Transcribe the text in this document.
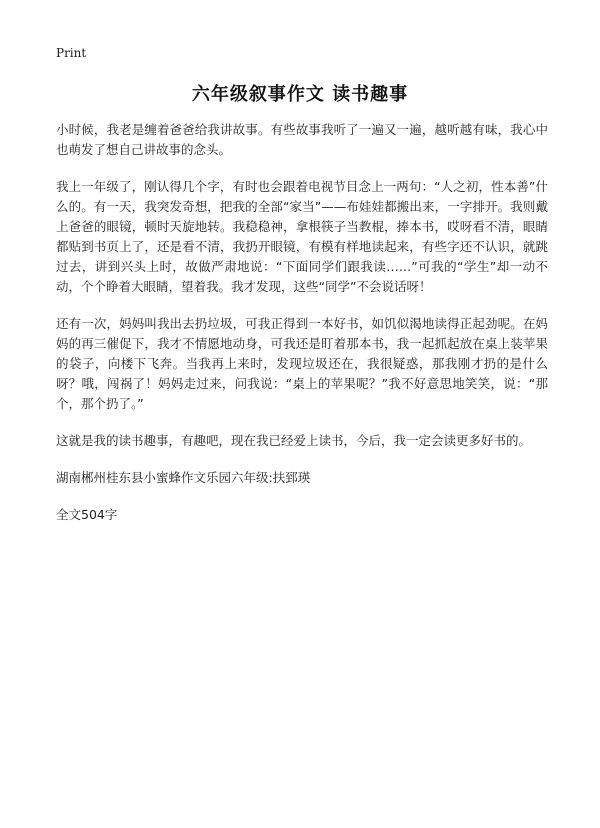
Print
六年级叙事作文 读书趣事

小时候，我老是缠着爸爸给我讲故事。有些故事我听了一遍又一遍，越听越有味，我心中也萌发了想自己讲故事的念头。

我上一年级了，刚认得几个字，有时也会跟着电视节目念上一两句：“人之初，性本善”什么的。有一天，我突发奇想，把我的全部“家当”——布娃娃都搬出来，一字排开。我则戴上爸爸的眼镜，顿时天旋地转。我稳稳神，拿根筷子当教棍，捧本书，哎呀看不清，眼睛都贴到书页上了，还是看不清，我扔开眼镜，有模有样地读起来，有些字还不认识，就跳过去，讲到兴头上时，故做严肃地说：“下面同学们跟我读……”可我的“学生”却一动不动，个个睁着大眼睛，望着我。我才发现，这些“同学”不会说话呀！

还有一次，妈妈叫我出去扔垃圾，可我正得到一本好书，如饥似渴地读得正起劲呢。在妈妈的再三催促下，我才不情愿地动身，可我还是盯着那本书，我一起抓起放在桌上装苹果的袋子，向楼下飞奔。当我再上来时，发现垃圾还在，我很疑惑，那我刚才扔的是什么呀？哦，闯祸了！妈妈走过来，问我说：“桌上的苹果呢？”我不好意思地笑笑，说：“那个，那个扔了。”

这就是我的读书趣事，有趣吧，现在我已经爱上读书，今后，我一定会读更多好书的。

湖南郴州桂东县小蜜蜂作文乐园六年级:扶郅瑛

全文504字
